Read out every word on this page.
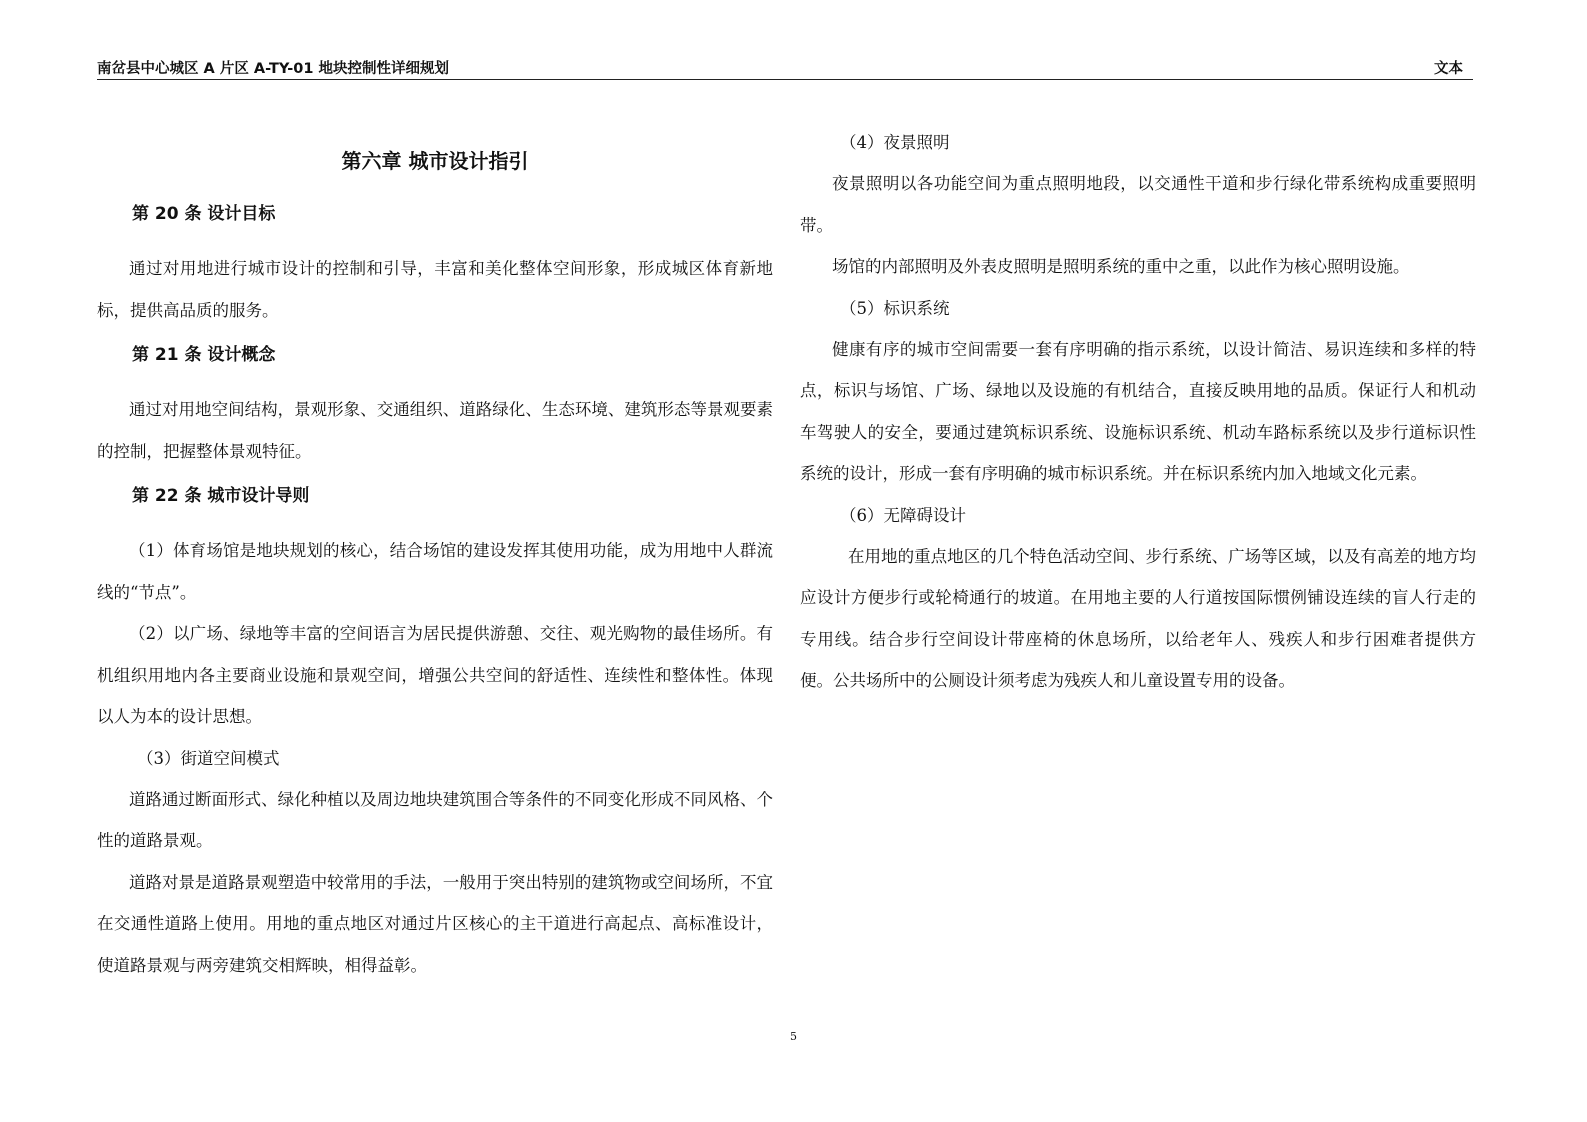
南岔县中心城区 A 片区 A-TY-01 地块控制性详细规划	文本
第六章 城市设计指引
第 20 条 设计目标

通过对用地进行城市设计的控制和引导，丰富和美化整体空间形象，形成城区体育新地标，提供高品质的服务。

第 21 条 设计概念

通过对用地空间结构，景观形象、交通组织、道路绿化、生态环境、建筑形态等景观要素的控制，把握整体景观特征。

第 22 条 城市设计导则

（1）体育场馆是地块规划的核心，结合场馆的建设发挥其使用功能，成为用地中人群流线的“节点”。

（2）以广场、绿地等丰富的空间语言为居民提供游憩、交往、观光购物的最佳场所。有机组织用地内各主要商业设施和景观空间，增强公共空间的舒适性、连续性和整体性。体现以人为本的设计思想。

（3）街道空间模式

道路通过断面形式、绿化种植以及周边地块建筑围合等条件的不同变化形成不同风格、个性的道路景观。

道路对景是道路景观塑造中较常用的手法，一般用于突出特别的建筑物或空间场所，不宜在交通性道路上使用。用地的重点地区对通过片区核心的主干道进行高起点、高标准设计，使道路景观与两旁建筑交相辉映，相得益彰。

（4）夜景照明

夜景照明以各功能空间为重点照明地段，以交通性干道和步行绿化带系统构成重要照明带。

场馆的内部照明及外表皮照明是照明系统的重中之重，以此作为核心照明设施。

（5）标识系统

健康有序的城市空间需要一套有序明确的指示系统，以设计简洁、易识连续和多样的特点，标识与场馆、广场、绿地以及设施的有机结合，直接反映用地的品质。保证行人和机动车驾驶人的安全，要通过建筑标识系统、设施标识系统、机动车路标系统以及步行道标识性系统的设计，形成一套有序明确的城市标识系统。并在标识系统内加入地域文化元素。

（6）无障碍设计

在用地的重点地区的几个特色活动空间、步行系统、广场等区域，以及有高差的地方均应设计方便步行或轮椅通行的坡道。在用地主要的人行道按国际惯例铺设连续的盲人行走的专用线。结合步行空间设计带座椅的休息场所，以给老年人、残疾人和步行困难者提供方便。公共场所中的公厕设计须考虑为残疾人和儿童设置专用的设备。

5
